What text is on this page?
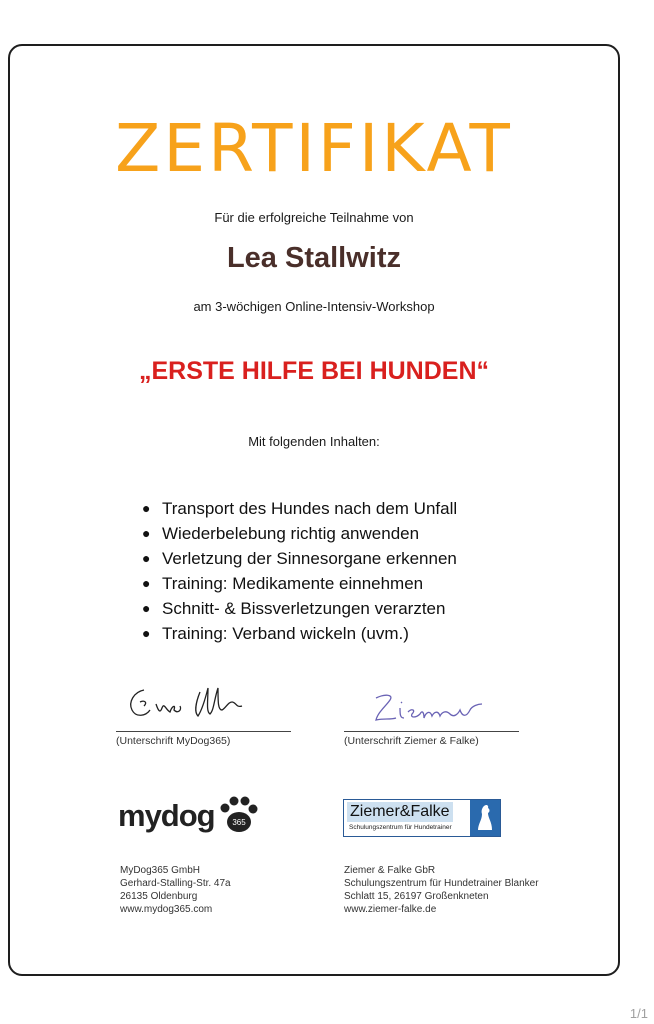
ZERTIFIKAT
Für die erfolgreiche Teilnahme von
Lea Stallwitz
am 3-wöchigen Online-Intensiv-Workshop
„ERSTE HILFE BEI HUNDEN“
Mit folgenden Inhalten:
● Transport des Hundes nach dem Unfall
● Wiederbelebung richtig anwenden
● Verletzung der Sinnesorgane erkennen
● Training: Medikamente einnehmen
● Schnitt- & Bissverletzungen verarzten
● Training: Verband wickeln (uvm.)
(Unterschrift MyDog365)	(Unterschrift Ziemer & Falke)
mydog 365
Ziemer&Falke
Schulungszentrum für Hundetrainer
MyDog365 GmbH
Gerhard-Stalling-Str. 47a
26135 Oldenburg
www.mydog365.com
Ziemer & Falke GbR
Schulungszentrum für Hundetrainer Blanker
Schlatt 15, 26197 Großenkneten
www.ziemer-falke.de
1/1
